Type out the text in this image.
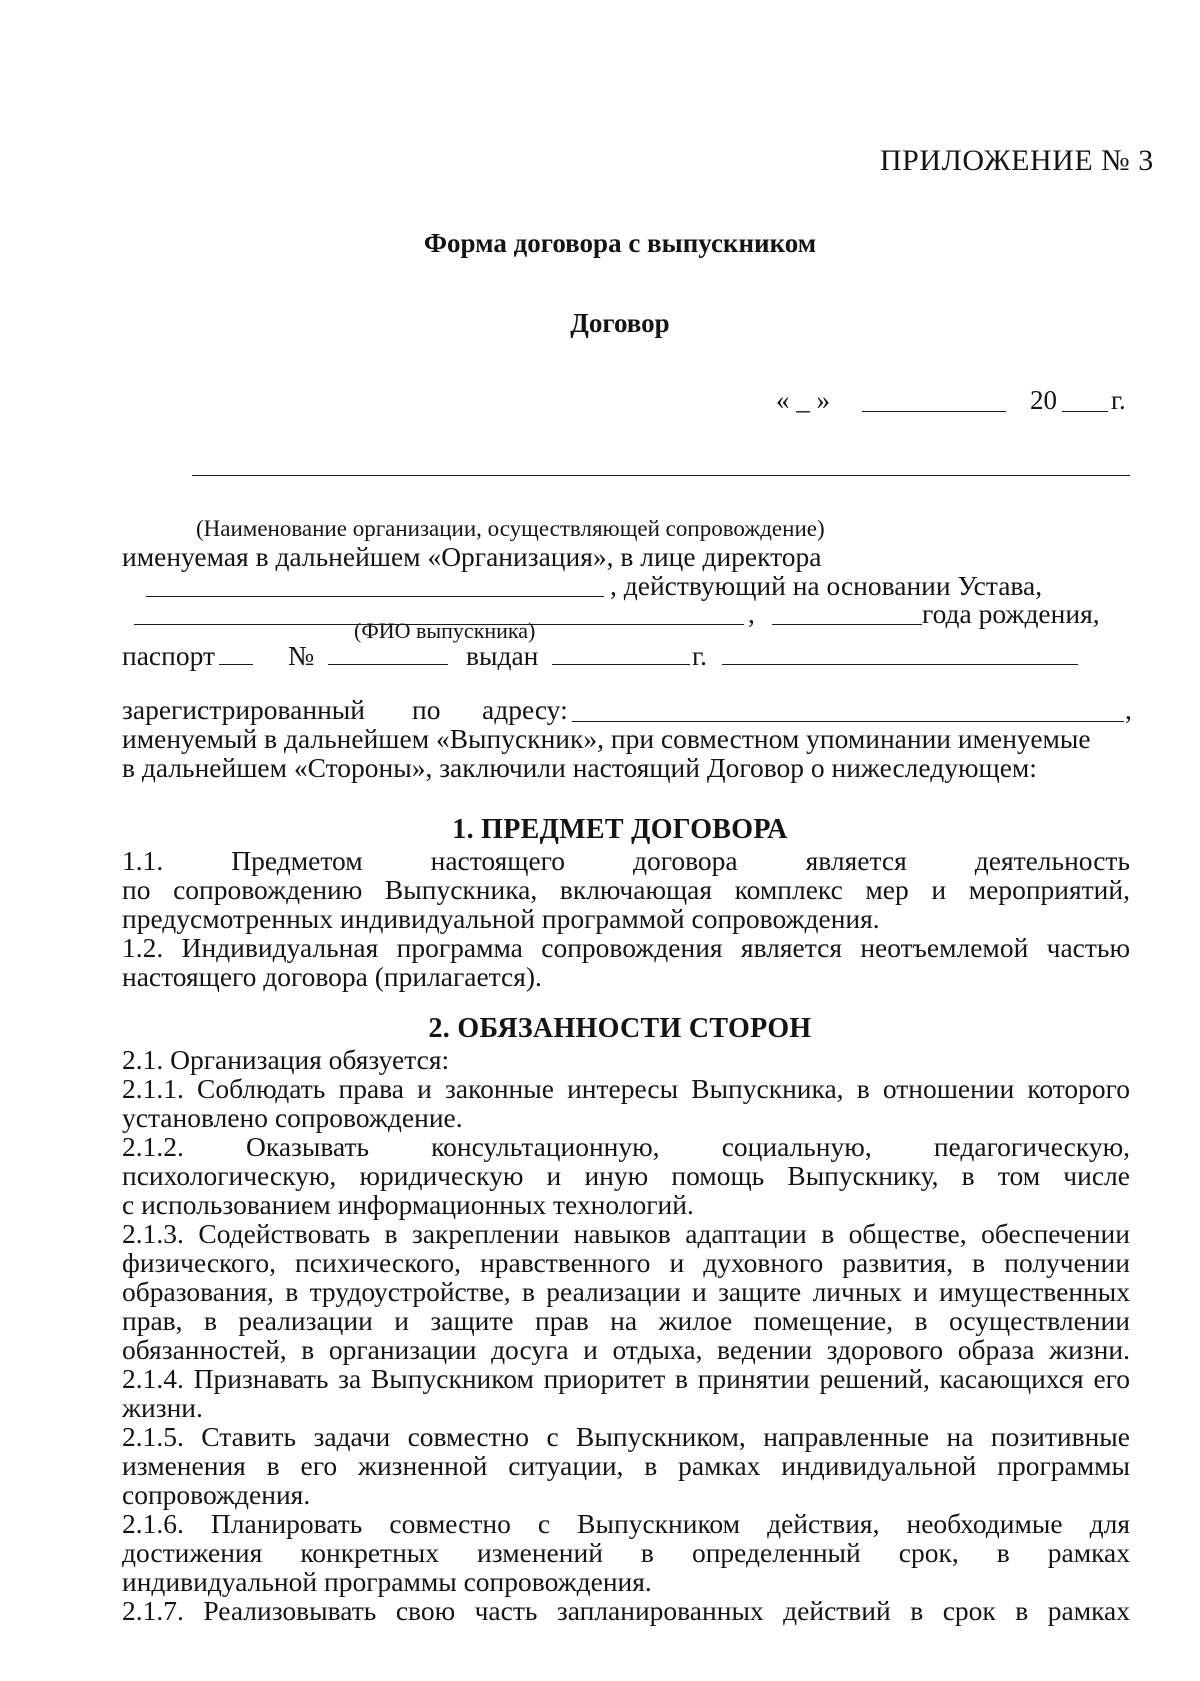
ПРИЛОЖЕНИЕ № 3
Форма договора с выпускником
Договор
« _ »	20 г.
(Наименование организации, осуществляющей сопровождение)
именуемая в дальнейшем «Организация», в лице директора
, действующий на основании Устава,
,	года рождения,
(ФИО выпускника)
паспорт	№	выдан	г.
зарегистрированный по адресу:	,
именуемый в дальнейшем «Выпускник», при совместном упоминании именуемые
в дальнейшем «Стороны», заключили настоящий Договор о нижеследующем:
1. ПРЕДМЕТ ДОГОВОРА
1.1. Предметом настоящего договора является деятельность
по сопровождению Выпускника, включающая комплекс мер и мероприятий,
предусмотренных индивидуальной программой сопровождения.
1.2. Индивидуальная программа сопровождения является неотъемлемой частью
настоящего договора (прилагается).
2. ОБЯЗАННОСТИ СТОРОН
2.1. Организация обязуется:
2.1.1. Соблюдать права и законные интересы Выпускника, в отношении которого
установлено сопровождение.
2.1.2. Оказывать консультационную, социальную, педагогическую,
психологическую, юридическую и иную помощь Выпускнику, в том числе
с использованием информационных технологий.
2.1.3. Содействовать в закреплении навыков адаптации в обществе, обеспечении
физического, психического, нравственного и духовного развития, в получении
образования, в трудоустройстве, в реализации и защите личных и имущественных
прав, в реализации и защите прав на жилое помещение, в осуществлении
обязанностей, в организации досуга и отдыха, ведении здорового образа жизни.
2.1.4. Признавать за Выпускником приоритет в принятии решений, касающихся его
жизни.
2.1.5. Ставить задачи совместно с Выпускником, направленные на позитивные
изменения в его жизненной ситуации, в рамках индивидуальной программы
сопровождения.
2.1.6. Планировать совместно с Выпускником действия, необходимые для
достижения конкретных изменений в определенный срок, в рамках
индивидуальной программы сопровождения.
2.1.7. Реализовывать свою часть запланированных действий в срок в рамках
